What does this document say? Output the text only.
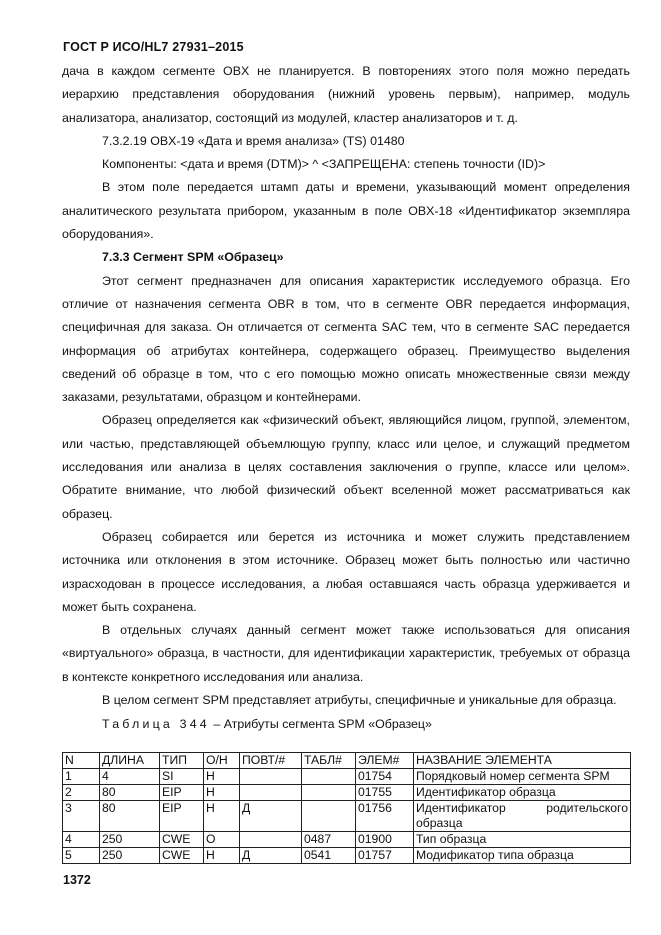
ГОСТ Р ИСО/HL7 27931–2015

дача в каждом сегменте OBX не планируется. В повторениях этого поля можно передать иерархию представления оборудования (нижний уровень первым), например, модуль анализатора, анализатор, состоящий из модулей, кластер анализаторов и т. д.

7.3.2.19 OBX-19 «Дата и время анализа» (TS) 01480

Компоненты: <дата и время (DTM)> ^ <ЗАПРЕЩЕНА: степень точности (ID)>

В этом поле передается штамп даты и времени, указывающий момент определения аналитического результата прибором, указанным в поле OBX-18 «Идентификатор экземпляра оборудования».

7.3.3 Сегмент SPM «Образец»

Этот сегмент предназначен для описания характеристик исследуемого образца. Его отличие от назначения сегмента OBR в том, что в сегменте OBR передается информация, специфичная для заказа. Он отличается от сегмента SAC тем, что в сегменте SAC передается информация об атрибутах контейнера, содержащего образец. Преимущество выделения сведений об образце в том, что с его помощью можно описать множественные связи между заказами, результатами, образцом и контейнерами.

Образец определяется как «физический объект, являющийся лицом, группой, элементом, или частью, представляющей объемлющую группу, класс или целое, и служащий предметом исследования или анализа в целях составления заключения о группе, классе или целом». Обратите внимание, что любой физический объект вселенной может рассматриваться как образец.

Образец собирается или берется из источника и может служить представлением источника или отклонения в этом источнике. Образец может быть полностью или частично израсходован в процессе исследования, а любая оставшаяся часть образца удерживается и может быть сохранена.

В отдельных случаях данный сегмент может также использоваться для описания «виртуального» образца, в частности, для идентификации характеристик, требуемых от образца в контексте конкретного исследования или анализа.

В целом сегмент SPM представляет атрибуты, специфичные и уникальные для образца.

Таблица 344 – Атрибуты сегмента SPM «Образец»
N	ДЛИНА	ТИП	О/Н	ПОВТ/#	ТАБЛ#	ЭЛЕМ#	НАЗВАНИЕ ЭЛЕМЕНТА
1	4	SI	Н			01754	Порядковый номер сегмента SPM
2	80	EIP	Н			01755	Идентификатор образца
3	80	EIP	Н	Д		01756	Идентификатор родительского образца
4	250	CWE	О		0487	01900	Тип образца
5	250	CWE	Н	Д	0541	01757	Модификатор типа образца
1372
